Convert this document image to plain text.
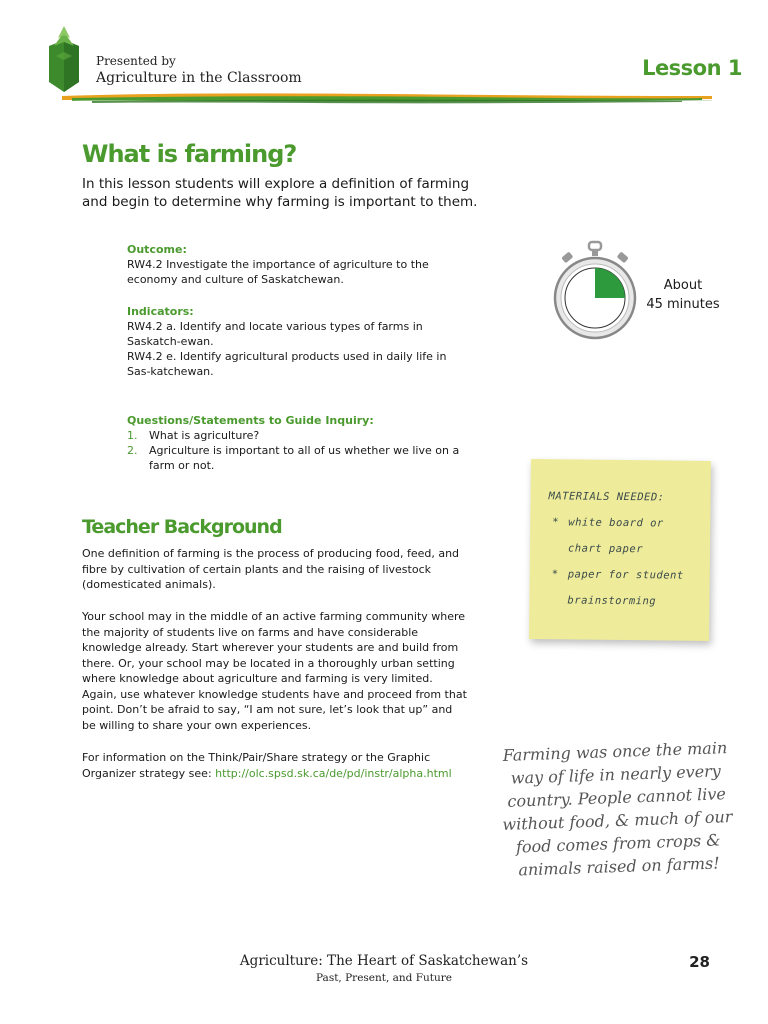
Presented by
Agriculture in the Classroom	Lesson 1
What is farming?
In this lesson students will explore a definition of farming and begin to determine why farming is important to them.
Outcome:
RW4.2 Investigate the importance of agriculture to the economy and culture of Saskatchewan.
Indicators:
RW4.2 a. Identify and locate various types of farms in Saskatch-ewan.
RW4.2 e. Identify agricultural products used in daily life in Sas-katchewan.
Questions/Statements to Guide Inquiry:
1. What is agriculture?
2. Agriculture is important to all of us whether we live on a farm or not.
About
45 minutes
MATERIALS NEEDED:
* white board or chart paper
* paper for student brainstorming
Teacher Background
One definition of farming is the process of producing food, feed, and fibre by cultivation of certain plants and the raising of livestock (domesticated animals).
Your school may in the middle of an active farming community where the majority of students live on farms and have considerable knowledge already. Start wherever your students are and build from there. Or, your school may be located in a thoroughly urban setting where knowledge about agriculture and farming is very limited. Again, use whatever knowledge students have and proceed from that point. Don’t be afraid to say, “I am not sure, let’s look that up” and be willing to share your own experiences.
For information on the Think/Pair/Share strategy or the Graphic Organizer strategy see: http://olc.spsd.sk.ca/de/pd/instr/alpha.html
Farming was once the main way of life in nearly every country. People cannot live without food, & much of our food comes from crops & animals raised on farms!
Agriculture: The Heart of Saskatchewan’s
Past, Present, and Future
28
